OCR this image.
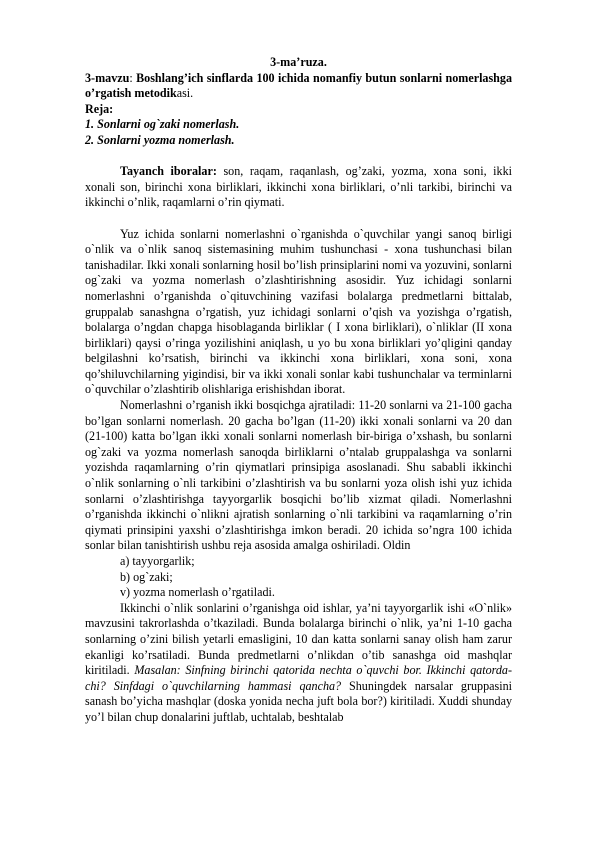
3-ma’ruza.

3-mavzu: Boshlang’ich sinflarda 100 ichida nomanfiy butun sonlarni nomerlashga o’rgatish metodikasi.

Reja:

1. Sonlarni og`zaki nomerlash.

2. Sonlarni yozma nomerlash.

Tayanch iboralar: son, raqam, raqanlash, og’zaki, yozma, xona soni, ikki xonali son, birinchi xona birliklari, ikkinchi xona birliklari, o’nli tarkibi, birinchi va ikkinchi o’nlik, raqamlarni o’rin qiymati.

Yuz ichida sonlarni nomerlashni o`rganishda o`quvchilar yangi sanoq birligi o`nlik va o`nlik sanoq sistemasining muhim tushunchasi - xona tushunchasi bilan tanishadilar. Ikki xonali sonlarning hosil bo’lish prinsiplarini nomi va yozuvini, sonlarni og`zaki va yozma nomerlash o’zlashtirishning asosidir. Yuz ichidagi sonlarni nomerlashni o’rganishda o`qituvchining vazifasi bolalarga predmetlarni bittalab, gruppalab sanashgna o’rgatish, yuz ichidagi sonlarni o’qish va yozishga o’rgatish, bolalarga o’ngdan chapga hisoblaganda birliklar ( I xona birliklari), o`nliklar (II xona birliklari) qaysi o’ringa yozilishini aniqlash, u yo bu xona birliklari yo’qligini qanday belgilashni ko’rsatish, birinchi va ikkinchi xona birliklari, xona soni, xona qo’shiluvchilarning yigindisi, bir va ikki xonali sonlar kabi tushunchalar va terminlarni o`quvchilar o’zlashtirib olishlariga erishishdan iborat.

Nomerlashni o’rganish ikki bosqichga ajratiladi: 11-20 sonlarni va 21-100 gacha bo’lgan sonlarni nomerlash. 20 gacha bo’lgan (11-20) ikki xonali sonlarni va 20 dan (21-100) katta bo’lgan ikki xonali sonlarni nomerlash bir-biriga o’xshash, bu sonlarni og`zaki va yozma nomerlash sanoqda birliklarni o’ntalab gruppalashga va sonlarni yozishda raqamlarning o’rin qiymatlari prinsipiga asoslanadi. Shu sababli ikkinchi o`nlik sonlarning o`nli tarkibini o’zlashtirish va bu sonlarni yoza olish ishi yuz ichida sonlarni o’zlashtirishga tayyorgarlik bosqichi bo’lib xizmat qiladi. Nomerlashni o’rganishda ikkinchi o`nlikni ajratish sonlarning o`nli tarkibini va raqamlarning o’rin qiymati prinsipini yaxshi o’zlashtirishga imkon beradi. 20 ichida so’ngra 100 ichida sonlar bilan tanishtirish ushbu reja asosida amalga oshiriladi. Oldin

a) tayyorgarlik;

b) og`zaki;

v) yozma nomerlash o’rgatiladi.

Ikkinchi o`nlik sonlarini o’rganishga oid ishlar, ya’ni tayyorgarlik ishi «O`nlik» mavzusini takrorlashda o’tkaziladi. Bunda bolalarga birinchi o`nlik, ya’ni 1-10 gacha sonlarning o’zini bilish yetarli emasligini, 10 dan katta sonlarni sanay olish ham zarur ekanligi ko’rsatiladi. Bunda predmetlarni o’nlikdan o’tib sanashga oid mashqlar kiritiladi. Masalan: Sinfning birinchi qatorida nechta o`quvchi bor. Ikkinchi qatorda-chi? Sinfdagi o`quvchilarning hammasi qancha? Shuningdek narsalar gruppasini sanash bo’yicha mashqlar (doska yonida necha juft bola bor?) kiritiladi. Xuddi shunday yo’l bilan chup donalarini juftlab, uchtalab, beshtalab
